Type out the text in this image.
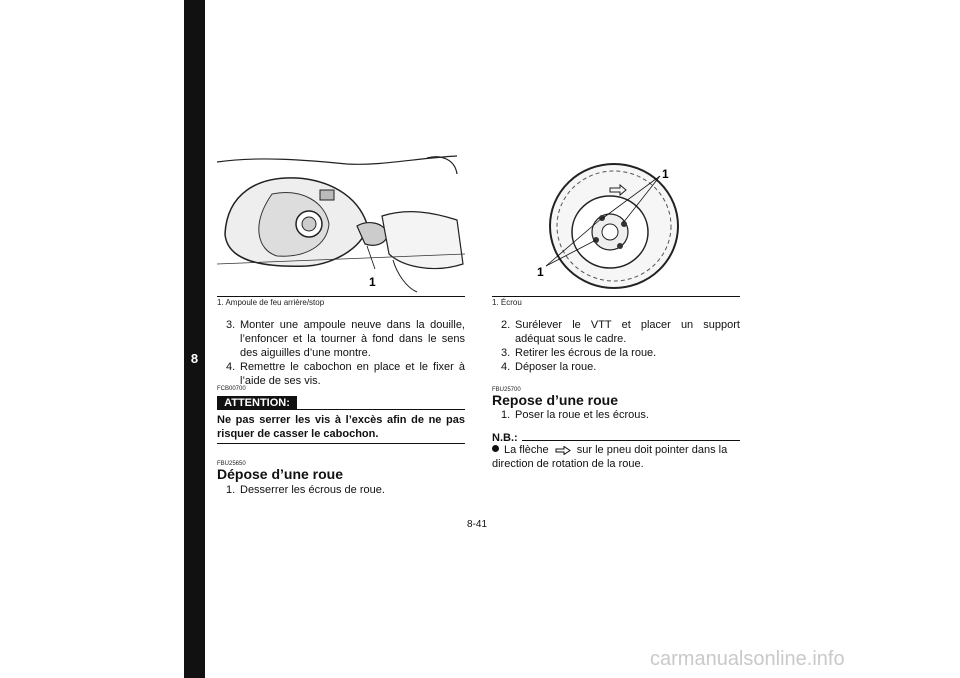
8
1
1. Ampoule de feu arrière/stop
1
1
1. Écrou
3. Monter une ampoule neuve dans la douille, l’enfoncer et la tourner à fond dans le sens des aiguilles d’une montre.
4. Remettre le cabochon en place et le fixer à l’aide de ses vis.
FCB00700
ATTENTION:
Ne pas serrer les vis à l’excès afin de ne pas risquer de casser le cabochon.
FBU25650
Dépose d’une roue
1. Desserrer les écrous de roue.
2. Surélever le VTT et placer un support adéquat sous le cadre.
3. Retirer les écrous de la roue.
4. Déposer la roue.
FBU25700
Repose d’une roue
1. Poser la roue et les écrous.
N.B.:
La flèche	sur le pneu doit pointer dans la direction de rotation de la roue.
8-41
carmanualsonline.info
